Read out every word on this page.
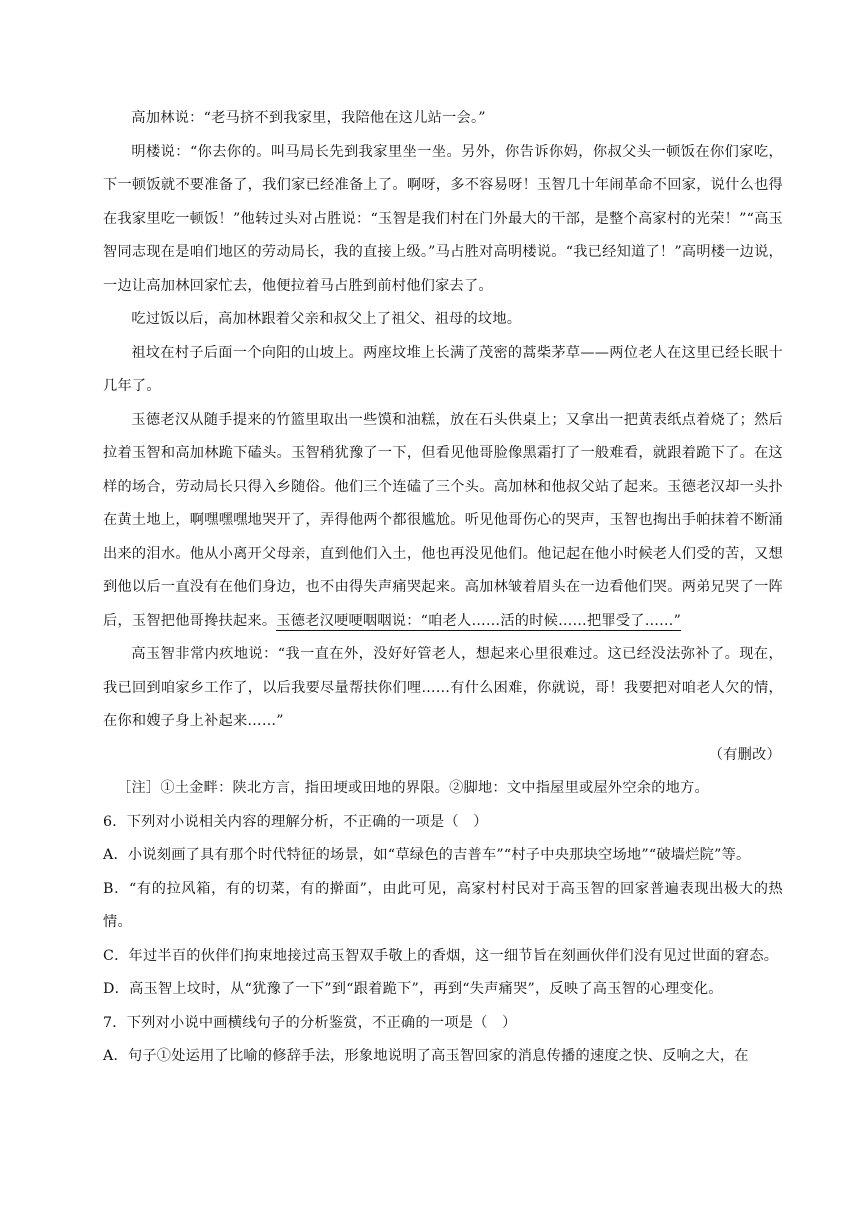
高加林说：“老马挤不到我家里，我陪他在这儿站一会。”

明楼说：“你去你的。叫马局长先到我家里坐一坐。另外，你告诉你妈，你叔父头一顿饭在你们家吃，下一顿饭就不要准备了，我们家已经准备上了。啊呀，多不容易呀！玉智几十年闹革命不回家，说什么也得在我家里吃一顿饭！”他转过头对占胜说：“玉智是我们村在门外最大的干部，是整个高家村的光荣！”“高玉智同志现在是咱们地区的劳动局长，我的直接上级。”马占胜对高明楼说。“我已经知道了！”高明楼一边说，一边让高加林回家忙去，他便拉着马占胜到前村他们家去了。

吃过饭以后，高加林跟着父亲和叔父上了祖父、祖母的坟地。

祖坟在村子后面一个向阳的山坡上。两座坟堆上长满了茂密的蒿柴茅草——两位老人在这里已经长眠十几年了。

玉德老汉从随手提来的竹篮里取出一些馍和油糕，放在石头供桌上；又拿出一把黄表纸点着烧了；然后拉着玉智和高加林跪下磕头。玉智稍犹豫了一下，但看见他哥脸像黑霜打了一般难看，就跟着跪下了。在这样的场合，劳动局长只得入乡随俗。他们三个连磕了三个头。高加林和他叔父站了起来。玉德老汉却一头扑在黄土地上，啊嘿嘿嘿地哭开了，弄得他两个都很尴尬。听见他哥伤心的哭声，玉智也掏出手帕抹着不断涌出来的泪水。他从小离开父母亲，直到他们入土，他也再没见他们。他记起在他小时候老人们受的苦，又想到他以后一直没有在他们身边，也不由得失声痛哭起来。高加林皱着眉头在一边看他们哭。两弟兄哭了一阵后，玉智把他哥搀扶起来。玉德老汉哽哽咽咽说：“咱老人……活的时候……把罪受了……”

高玉智非常内疚地说：“我一直在外，没好好管老人，想起来心里很难过。这已经没法弥补了。现在，我已回到咱家乡工作了，以后我要尽量帮扶你们哩……有什么困难，你就说，哥！我要把对咱老人欠的情，在你和嫂子身上补起来……”

（有删改）

［注］①土金畔：陕北方言，指田埂或田地的界限。②脚地：文中指屋里或屋外空余的地方。

6．下列对小说相关内容的理解分析，不正确的一项是（　）

A．小说刻画了具有那个时代特征的场景，如“草绿色的吉普车”“村子中央那块空场地”“破墙烂院”等。

B．“有的拉风箱，有的切菜，有的擀面”，由此可见，高家村村民对于高玉智的回家普遍表现出极大的热情。

C．年过半百的伙伴们拘束地接过高玉智双手敬上的香烟，这一细节旨在刻画伙伴们没有见过世面的窘态。

D．高玉智上坟时，从“犹豫了一下”到“跟着跪下”，再到“失声痛哭”，反映了高玉智的心理变化。

7．下列对小说中画横线句子的分析鉴赏，不正确的一项是（　）

A．句子①处运用了比喻的修辞手法，形象地说明了高玉智回家的消息传播的速度之快、反响之大，在
